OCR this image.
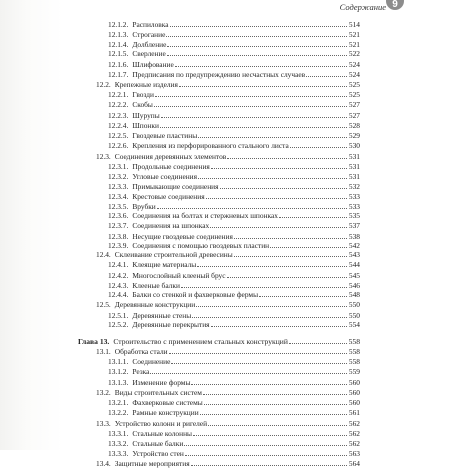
Содержание 9
12.1.2. Распиловка	514
12.1.3. Строгание	521
12.1.4. Долбление	521
12.1.5. Сверление	522
12.1.6. Шлифование	524
12.1.7. Предписания по предупреждению несчастных случаев	524
12.2. Крепежные изделия	525
12.2.1. Гвозди	525
12.2.2. Скобы	527
12.2.3. Шурупы	527
12.2.4. Шпонки	528
12.2.5. Гвоздевые пластины	529
12.2.6. Крепления из перфорированного стального листа	530
12.3. Соединения деревянных элементов	531
12.3.1. Продольные соединения	531
12.3.2. Угловые соединения	531
12.3.3. Примыкающие соединения	532
12.3.4. Крестовые соединения	533
12.3.5. Врубки	533
12.3.6. Соединения на болтах и стержневых шпонках	535
12.3.7. Соединения на шпонках	537
12.3.8. Несущие гвоздевые соединения	538
12.3.9. Соединения с помощью гвоздевых пластин	542
12.4. Склеивание строительной древесины	543
12.4.1. Клеящие материалы	544
12.4.2. Многослойный клееный брус	545
12.4.3. Клееные балки	546
12.4.4. Балки со стенкой и фахверковые фермы	548
12.5. Деревянные конструкции	550
12.5.1. Деревянные стены	550
12.5.2. Деревянные перекрытия	554
Глава 13. Строительство с применением стальных конструкций	558
13.1. Обработка стали	558
13.1.1. Соединение	558
13.1.2. Резка	559
13.1.3. Изменение формы	560
13.2. Виды строительных систем	560
13.2.1. Фахверковые системы	560
13.2.2. Рамные конструкции	561
13.3. Устройство колонн и ригелей	562
13.3.1. Стальные колонны	562
13.3.2. Стальные балки	562
13.3.3. Устройство стен	563
13.4. Защитные мероприятия	564
